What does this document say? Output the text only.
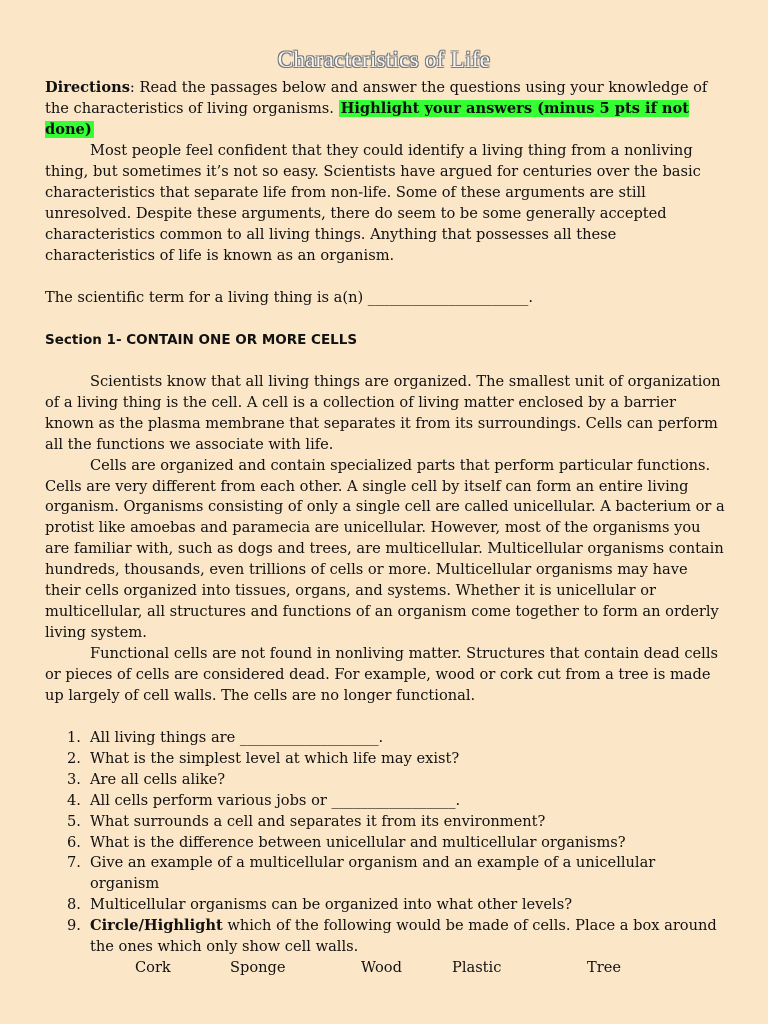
Characteristics of Life

Directions: Read the passages below and answer the questions using your knowledge of the characteristics of living organisms. Highlight your answers (minus 5 pts if not done)

Most people feel confident that they could identify a living thing from a nonliving thing, but sometimes it’s not so easy. Scientists have argued for centuries over the basic characteristics that separate life from non-life. Some of these arguments are still unresolved. Despite these arguments, there do seem to be some generally accepted characteristics common to all living things. Anything that possesses all these characteristics of life is known as an organism.

The scientific term for a living thing is a(n) ______________________.

Section 1- CONTAIN ONE OR MORE CELLS

Scientists know that all living things are organized. The smallest unit of organization of a living thing is the cell. A cell is a collection of living matter enclosed by a barrier known as the plasma membrane that separates it from its surroundings. Cells can perform all the functions we associate with life.

Cells are organized and contain specialized parts that perform particular functions. Cells are very different from each other. A single cell by itself can form an entire living organism. Organisms consisting of only a single cell are called unicellular. A bacterium or a protist like amoebas and paramecia are unicellular. However, most of the organisms you are familiar with, such as dogs and trees, are multicellular. Multicellular organisms contain hundreds, thousands, even trillions of cells or more. Multicellular organisms may have their cells organized into tissues, organs, and systems. Whether it is unicellular or multicellular, all structures and functions of an organism come together to form an orderly living system.

Functional cells are not found in nonliving matter. Structures that contain dead cells or pieces of cells are considered dead. For example, wood or cork cut from a tree is made up largely of cell walls. The cells are no longer functional.

1. All living things are ___________________.
2. What is the simplest level at which life may exist?
3. Are all cells alike?
4. All cells perform various jobs or _________________.
5. What surrounds a cell and separates it from its environment?
6. What is the difference between unicellular and multicellular organisms?
7. Give an example of a multicellular organism and an example of a unicellular organism
8. Multicellular organisms can be organized into what other levels?
9. Circle/Highlight which of the following would be made of cells. Place a box around the ones which only show cell walls.
Cork	Sponge	Wood	Plastic	Tree
